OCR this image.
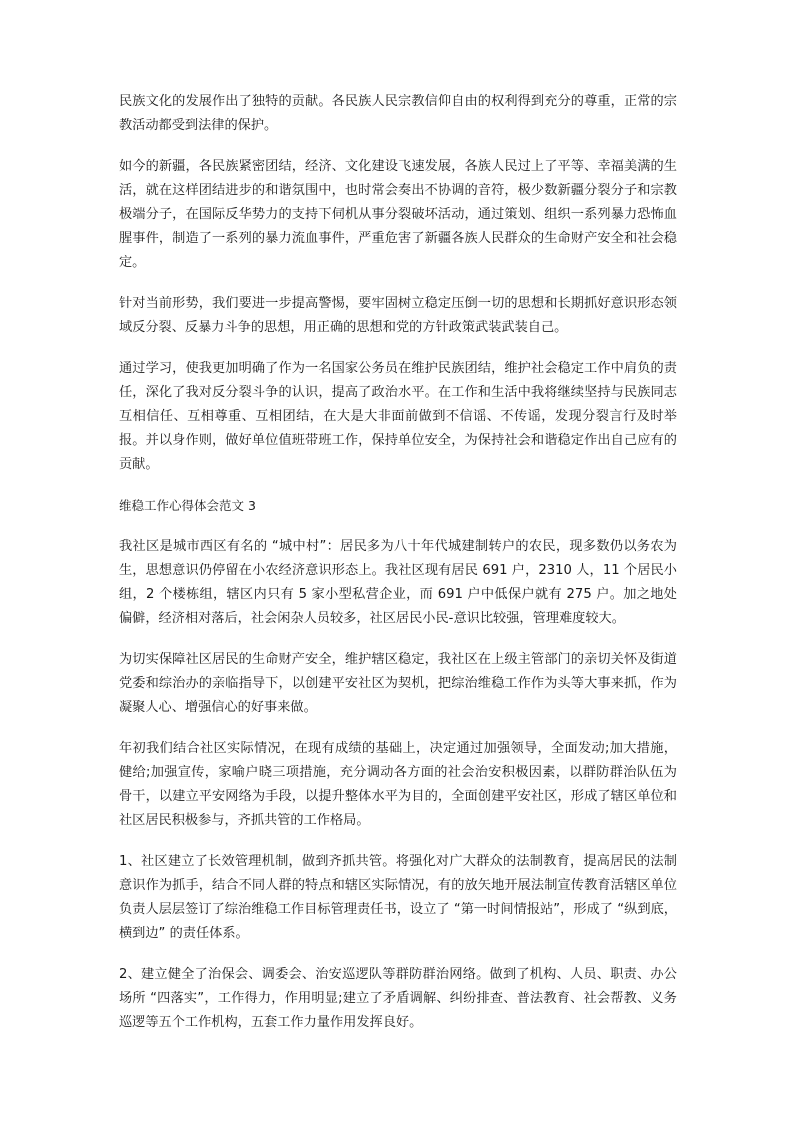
民族文化的发展作出了独特的贡献。各民族人民宗教信仰自由的权利得到充分的尊重，正常的宗教活动都受到法律的保护。

如今的新疆，各民族紧密团结，经济、文化建设飞速发展，各族人民过上了平等、幸福美满的生活，就在这样团结进步的和谐氛围中，也时常会奏出不协调的音符，极少数新疆分裂分子和宗教极端分子，在国际反华势力的支持下伺机从事分裂破坏活动，通过策划、组织一系列暴力恐怖血腥事件，制造了一系列的暴力流血事件，严重危害了新疆各族人民群众的生命财产安全和社会稳定。

针对当前形势，我们要进一步提高警惕，要牢固树立稳定压倒一切的思想和长期抓好意识形态领域反分裂、反暴力斗争的思想，用正确的思想和党的方针政策武装武装自己。

通过学习，使我更加明确了作为一名国家公务员在维护民族团结，维护社会稳定工作中肩负的责任，深化了我对反分裂斗争的认识，提高了政治水平。在工作和生活中我将继续坚持与民族同志互相信任、互相尊重、互相团结，在大是大非面前做到不信谣、不传谣，发现分裂言行及时举报。并以身作则，做好单位值班带班工作，保持单位安全，为保持社会和谐稳定作出自己应有的贡献。

维稳工作心得体会范文 3

我社区是城市西区有名的 “城中村”：居民多为八十年代城建制转户的农民，现多数仍以务农为生，思想意识仍停留在小农经济意识形态上。我社区现有居民 691 户，2310 人，11 个居民小组，2 个楼栋组，辖区内只有 5 家小型私营企业，而 691 户中低保户就有 275 户。加之地处偏僻，经济相对落后，社会闲杂人员较多，社区居民小民-意识比较强，管理难度较大。

为切实保障社区居民的生命财产安全，维护辖区稳定，我社区在上级主管部门的亲切关怀及街道党委和综治办的亲临指导下，以创建平安社区为契机，把综治维稳工作作为头等大事来抓，作为凝聚人心、增强信心的好事来做。

年初我们结合社区实际情况，在现有成绩的基础上，决定通过加强领导，全面发动;加大措施，健给;加强宣传，家喻户晓三项措施，充分调动各方面的社会治安积极因素，以群防群治队伍为骨干，以建立平安网络为手段，以提升整体水平为目的，全面创建平安社区，形成了辖区单位和社区居民积极参与，齐抓共管的工作格局。

1、社区建立了长效管理机制，做到齐抓共管。将强化对广大群众的法制教育，提高居民的法制意识作为抓手，结合不同人群的特点和辖区实际情况，有的放矢地开展法制宣传教育活辖区单位负责人层层签订了综治维稳工作目标管理责任书，设立了 “第一时间情报站”，形成了 “纵到底，横到边” 的责任体系。

2、建立健全了治保会、调委会、治安巡逻队等群防群治网络。做到了机构、人员、职责、办公场所 “四落实”，工作得力，作用明显;建立了矛盾调解、纠纷排查、普法教育、社会帮教、义务巡逻等五个工作机构，五套工作力量作用发挥良好。
